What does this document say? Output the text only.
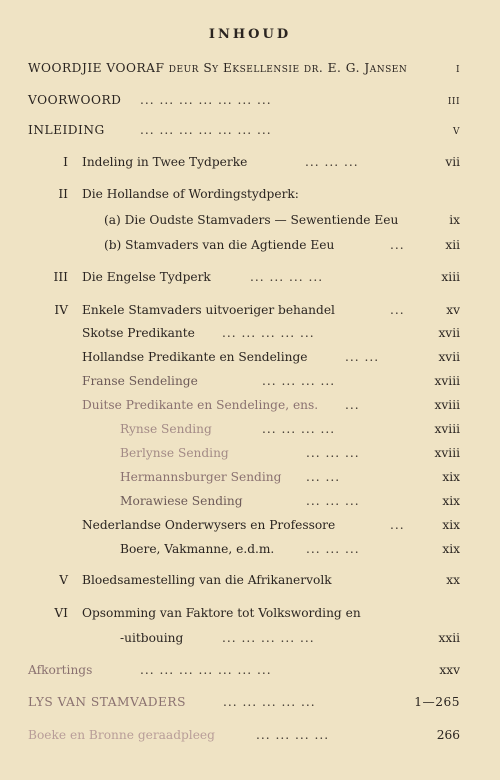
INHOUD
WOORDJIE VOORAF deur Sy Eksellensie dr. E. G. Jansen	i
VOORWOORD ... ... ... ... ... ... ...	iii
INLEIDING	... ... ... ... ... ... ...	v
I Indeling in Twee Tydperke	... ... ...	vii
II Die Hollandse of Wordingstydperk:
(a) Die Oudste Stamvaders — Sewentiende Eeu	ix
(b) Stamvaders van die Agtiende Eeu	...	xii
III Die Engelse Tydperk	... ... ... ...	xiii
IV Enkele Stamvaders uitvoeriger behandel	...	xv
Skotse Predikante ... ... ... ... ...	xvii
Hollandse Predikante en Sendelinge	... ...	xvii
Franse Sendelinge	... ... ... ...	xviii
Duitse Predikante en Sendelinge, ens. ...	xviii
Rynse Sending	... ... ... ...	xviii
Berlynse Sending	... ... ...	xviii
Hermannsburger Sending ... ...	xix
Morawiese Sending	... ... ...	xix
Nederlandse Onderwysers en Professore	...	xix
Boere, Vakmanne, e.d.m.	... ... ...	xix
V Bloedsamestelling van die Afrikanervolk	xx
VI Opsomming van Faktore tot Volkswording en
-uitbouing	... ... ... ... ...	xxii
Afkortings	... ... ... ... ... ... ...	xxv
LYS VAN STAMVADERS	... ... ... ... ...	1—265
Boeke en Bronne geraadpleeg	... ... ... ...	266
